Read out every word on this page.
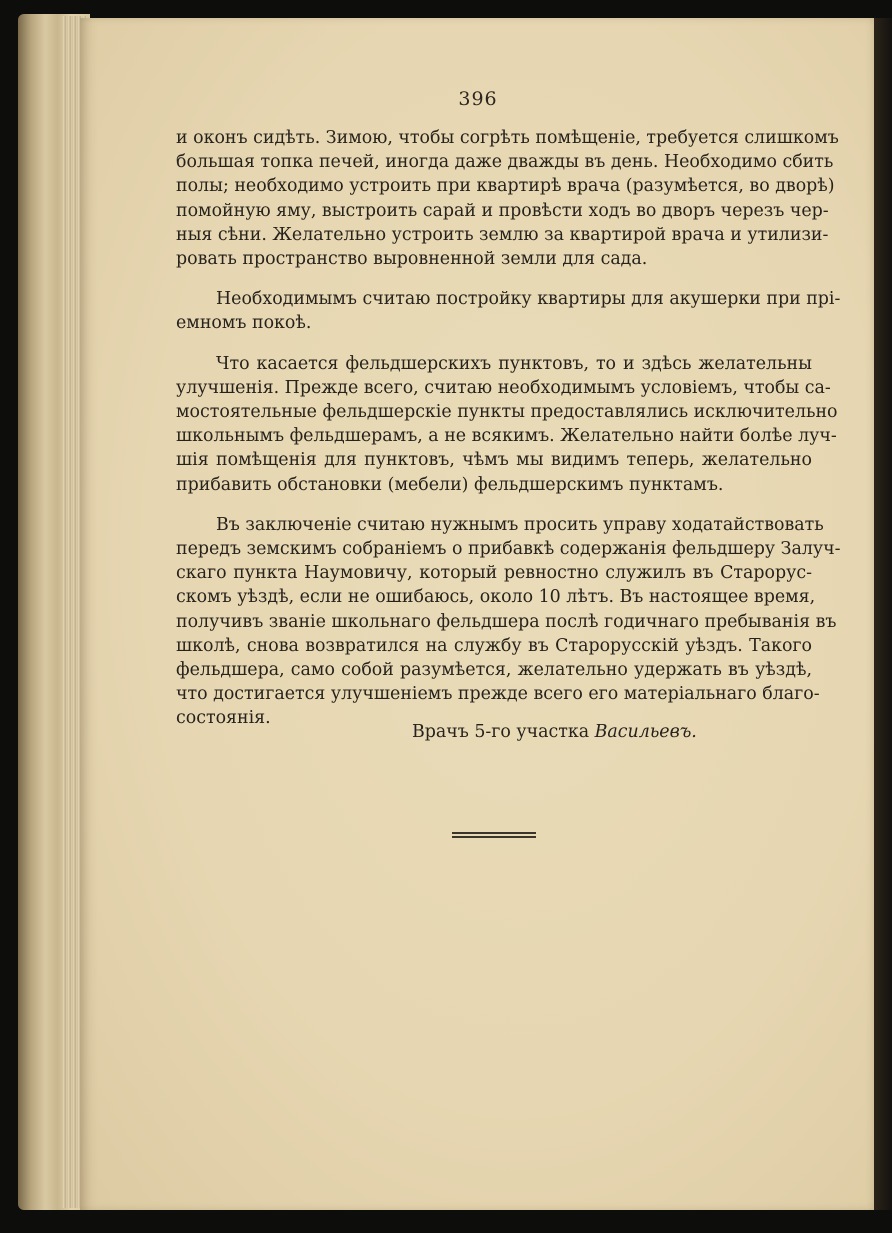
396

и оконъ сидѣть. Зимою, чтобы согрѣть помѣщеніе, требуется слишкомъ
большая топка печей, иногда даже дважды въ день. Необходимо сбить
полы; необходимо устроить при квартирѣ врача (разумѣется, во дворѣ)
помойную яму, выстроить сарай и провѣсти ходъ во дворъ черезъ чер-
ныя сѣни. Желательно устроить землю за квартирой врача и утилизи-
ровать пространство выровненной земли для сада.

Необходимымъ считаю постройку квартиры для акушерки при прі-
емномъ покоѣ.

Что касается фельдшерскихъ пунктовъ, то и здѣсь желательны
улучшенія. Прежде всего, считаю необходимымъ условіемъ, чтобы са-
мостоятельные фельдшерскіе пункты предоставлялись исключительно
школьнымъ фельдшерамъ, а не всякимъ. Желательно найти болѣе луч-
шія помѣщенія для пунктовъ, чѣмъ мы видимъ теперь, желательно
прибавить обстановки (мебели) фельдшерскимъ пунктамъ.

Въ заключеніе считаю нужнымъ просить управу ходатайствовать
передъ земскимъ собраніемъ о прибавкѣ содержанія фельдшеру Залуч-
скаго пункта Наумовичу, который ревностно служилъ въ Старорус-
скомъ уѣздѣ, если не ошибаюсь, около 10 лѣтъ. Въ настоящее время,
получивъ званіе школьнаго фельдшера послѣ годичнаго пребыванія въ
школѣ, снова возвратился на службу въ Старорусскій уѣздъ. Такого
фельдшера, само собой разумѣется, желательно удержать въ уѣздѣ,
что достигается улучшеніемъ прежде всего его матеріальнаго благо-
состоянія.

Врачъ 5-го участка Васильевъ.
